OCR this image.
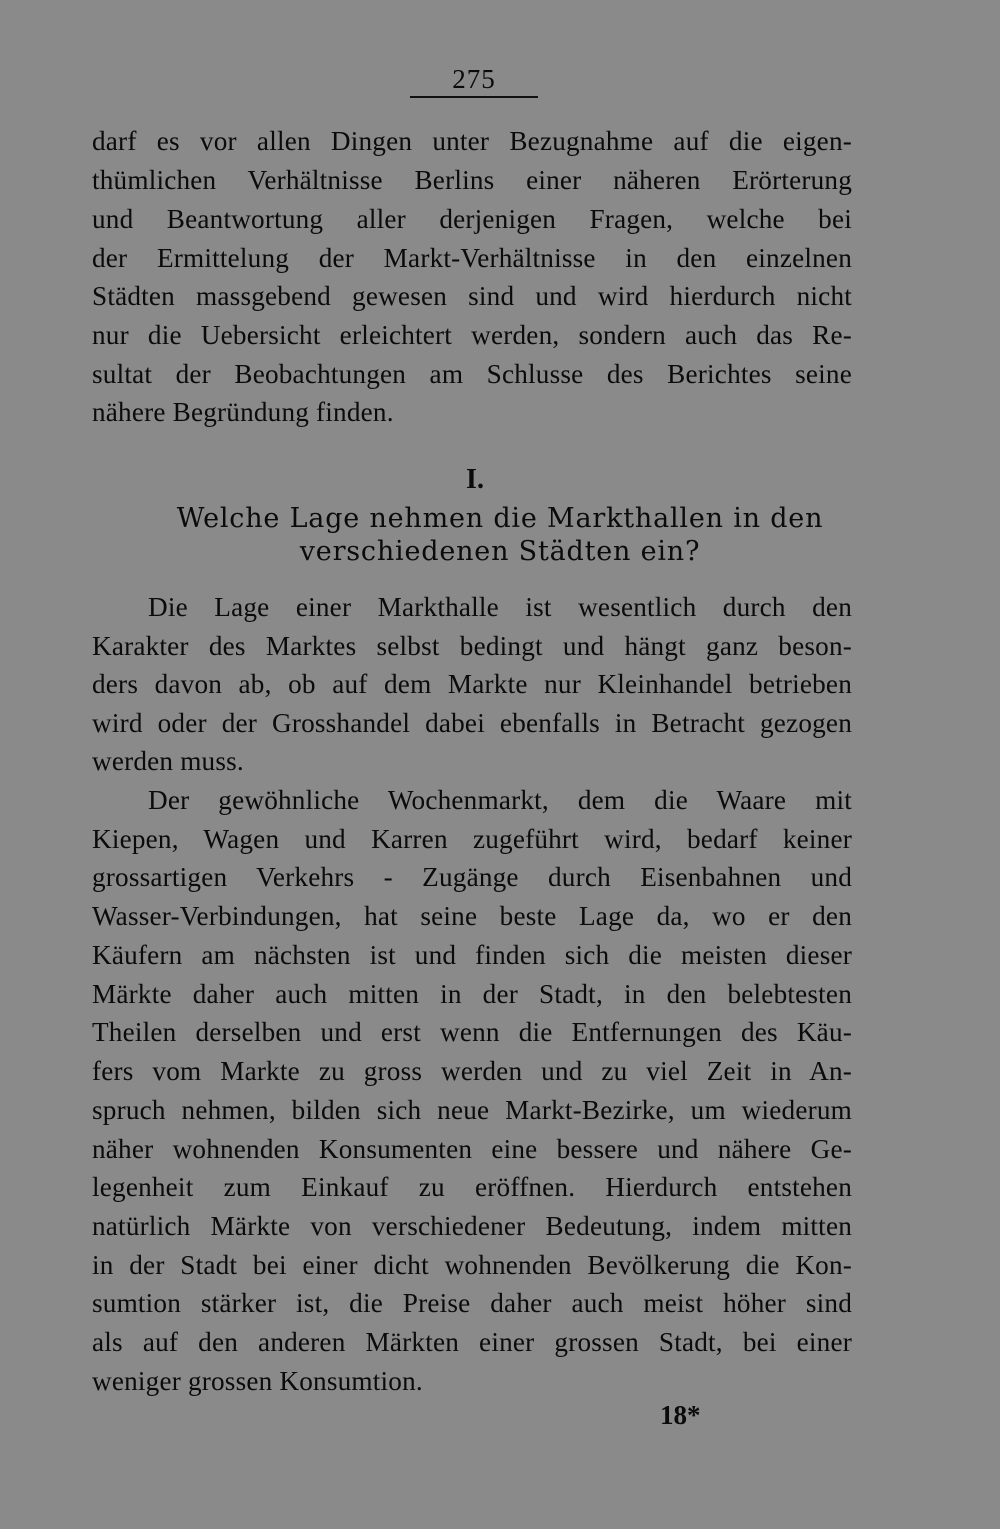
275
darf es vor allen Dingen unter Bezugnahme auf die eigen-
thümlichen Verhältnisse Berlins einer näheren Erörterung
und Beantwortung aller derjenigen Fragen, welche bei
der Ermittelung der Markt-Verhältnisse in den einzelnen
Städten massgebend gewesen sind und wird hierdurch nicht
nur die Uebersicht erleichtert werden, sondern auch das Re-
sultat der Beobachtungen am Schlusse des Berichtes seine
nähere Begründung finden.
I.
Welche Lage nehmen die Markthallen in den
verschiedenen Städten ein?
Die Lage einer Markthalle ist wesentlich durch den
Karakter des Marktes selbst bedingt und hängt ganz beson-
ders davon ab, ob auf dem Markte nur Kleinhandel betrieben
wird oder der Grosshandel dabei ebenfalls in Betracht gezogen
werden muss.
Der gewöhnliche Wochenmarkt, dem die Waare mit
Kiepen, Wagen und Karren zugeführt wird, bedarf keiner
grossartigen Verkehrs - Zugänge durch Eisenbahnen und
Wasser-Verbindungen, hat seine beste Lage da, wo er den
Käufern am nächsten ist und finden sich die meisten dieser
Märkte daher auch mitten in der Stadt, in den belebtesten
Theilen derselben und erst wenn die Entfernungen des Käu-
fers vom Markte zu gross werden und zu viel Zeit in An-
spruch nehmen, bilden sich neue Markt-Bezirke, um wiederum
näher wohnenden Konsumenten eine bessere und nähere Ge-
legenheit zum Einkauf zu eröffnen. Hierdurch entstehen
natürlich Märkte von verschiedener Bedeutung, indem mitten
in der Stadt bei einer dicht wohnenden Bevölkerung die Kon-
sumtion stärker ist, die Preise daher auch meist höher sind
als auf den anderen Märkten einer grossen Stadt, bei einer
weniger grossen Konsumtion.
18*
